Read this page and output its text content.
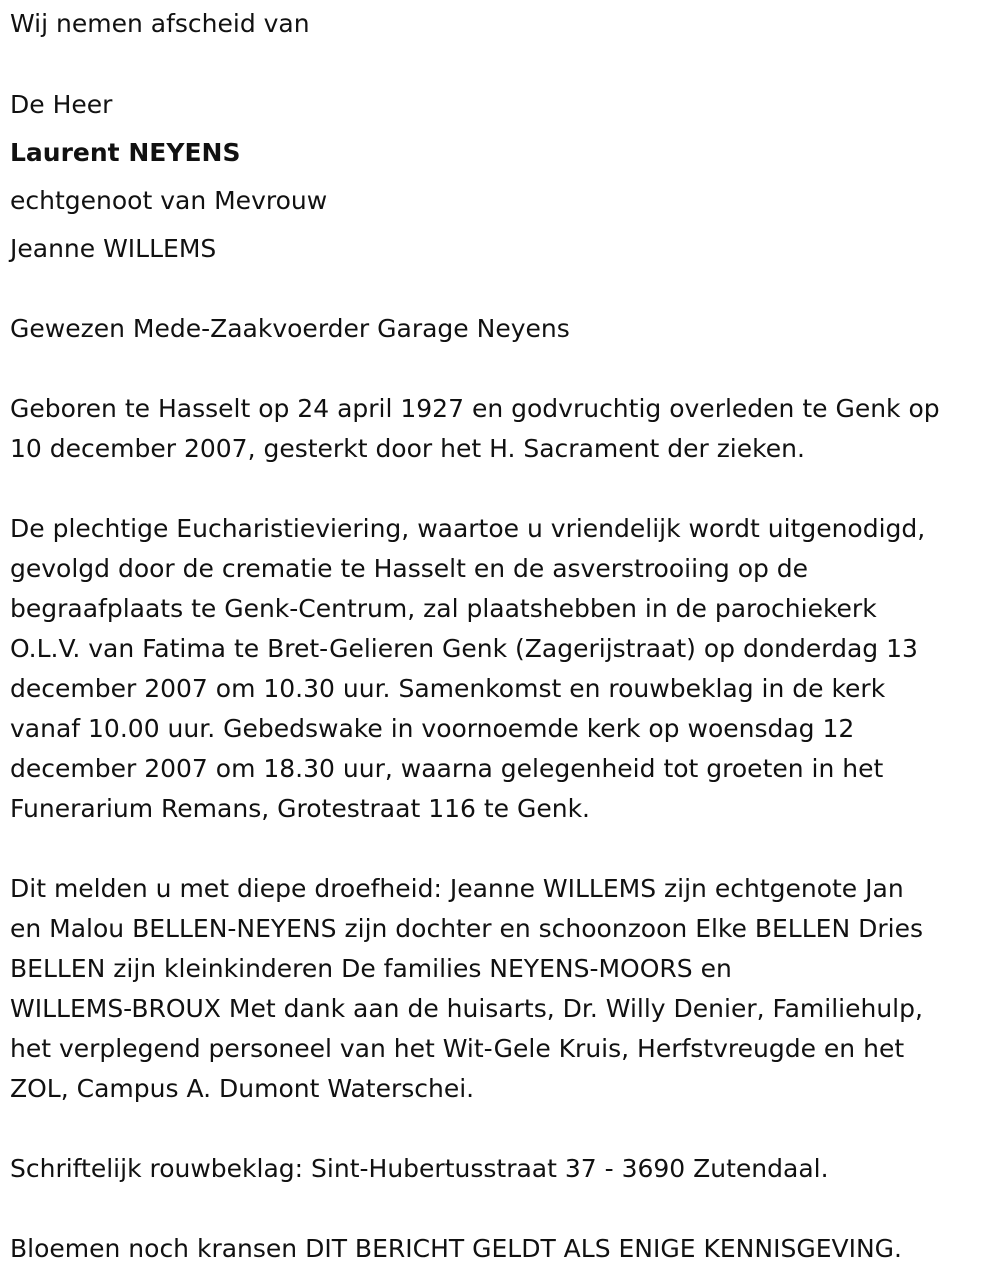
Wij nemen afscheid van
De Heer
Laurent NEYENS
echtgenoot van Mevrouw
Jeanne WILLEMS
Gewezen Mede-Zaakvoerder Garage Neyens
Geboren te Hasselt op 24 april 1927 en godvruchtig overleden te Genk op
10 december 2007, gesterkt door het H. Sacrament der zieken.
De plechtige Eucharistieviering, waartoe u vriendelijk wordt uitgenodigd,
gevolgd door de crematie te Hasselt en de asverstrooiing op de
begraafplaats te Genk-Centrum, zal plaatshebben in de parochiekerk
O.L.V. van Fatima te Bret-Gelieren Genk (Zagerijstraat) op donderdag 13
december 2007 om 10.30 uur. Samenkomst en rouwbeklag in de kerk
vanaf 10.00 uur. Gebedswake in voornoemde kerk op woensdag 12
december 2007 om 18.30 uur, waarna gelegenheid tot groeten in het
Funerarium Remans, Grotestraat 116 te Genk.
Dit melden u met diepe droefheid: Jeanne WILLEMS zijn echtgenote Jan
en Malou BELLEN-NEYENS zijn dochter en schoonzoon Elke BELLEN Dries
BELLEN zijn kleinkinderen De families NEYENS-MOORS en
WILLEMS-BROUX Met dank aan de huisarts, Dr. Willy Denier, Familiehulp,
het verplegend personeel van het Wit-Gele Kruis, Herfstvreugde en het
ZOL, Campus A. Dumont Waterschei.
Schriftelijk rouwbeklag: Sint-Hubertusstraat 37 - 3690 Zutendaal.
Bloemen noch kransen DIT BERICHT GELDT ALS ENIGE KENNISGEVING.
